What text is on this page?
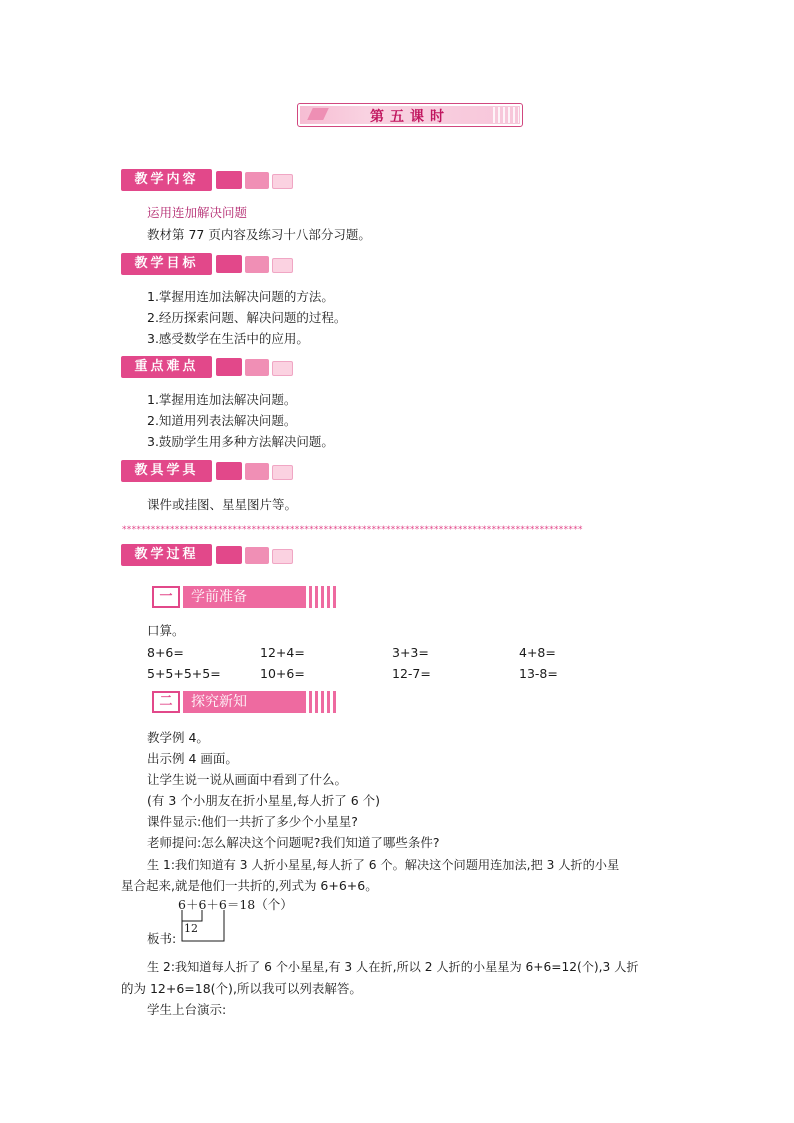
第五课时
教学内容
运用连加解决问题
教材第 77 页内容及练习十八部分习题。
教学目标
1.掌握用连加法解决问题的方法。
2.经历探索问题、解决问题的过程。
3.感受数学在生活中的应用。
重点难点
1.掌握用连加法解决问题。
2.知道用列表法解决问题。
3.鼓励学生用多种方法解决问题。
教具学具
课件或挂图、星星图片等。
************************************************************************************************
教学过程
一	学前准备
口算。
8+6=	12+4=	3+3=	4+8=
5+5+5+5=	10+6=	12-7=	13-8=
二	探究新知
教学例 4。
出示例 4 画面。
让学生说一说从画面中看到了什么。
(有 3 个小朋友在折小星星,每人折了 6 个)
课件显示:他们一共折了多少个小星星?
老师提问:怎么解决这个问题呢?我们知道了哪些条件?
生 1:我们知道有 3 人折小星星,每人折了 6 个。解决这个问题用连加法,把 3 人折的小星
星合起来,就是他们一共折的,列式为 6+6+6。
6＋6＋6＝18（个）
12
板书:
生 2:我知道每人折了 6 个小星星,有 3 人在折,所以 2 人折的小星星为 6+6=12(个),3 人折
的为 12+6=18(个),所以我可以列表解答。
学生上台演示:
